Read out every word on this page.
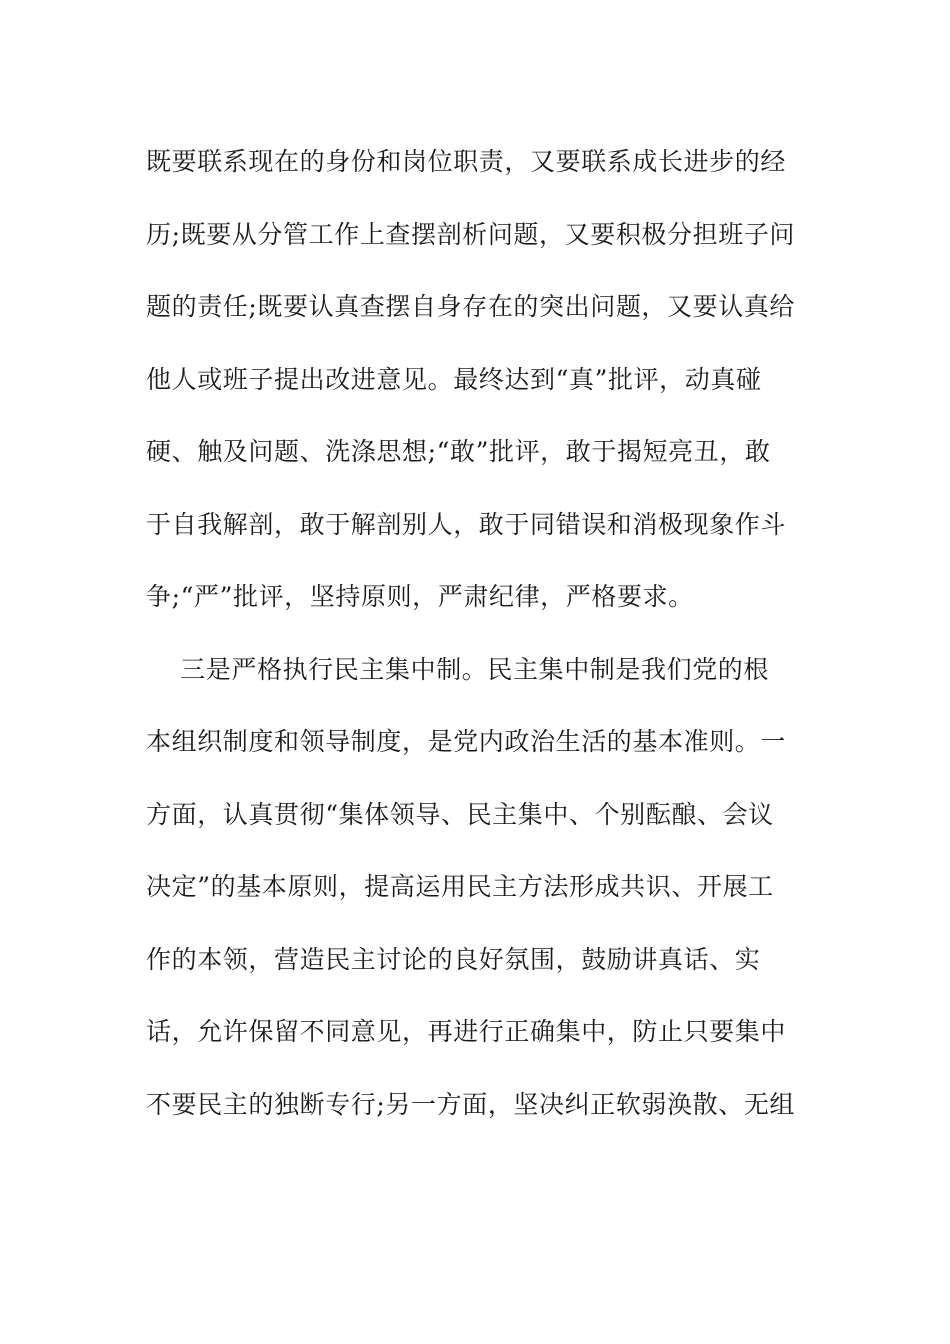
既要联系现在的身份和岗位职责，又要联系成长进步的经
历;既要从分管工作上查摆剖析问题，又要积极分担班子问
题的责任;既要认真查摆自身存在的突出问题，又要认真给
他人或班子提出改进意见。最终达到“真”批评，动真碰
硬、触及问题、洗涤思想;“敢”批评，敢于揭短亮丑，敢
于自我解剖，敢于解剖别人，敢于同错误和消极现象作斗
争;“严”批评，坚持原则，严肃纪律，严格要求。
三是严格执行民主集中制。民主集中制是我们党的根
本组织制度和领导制度，是党内政治生活的基本准则。一
方面，认真贯彻“集体领导、民主集中、个别酝酿、会议
决定”的基本原则，提高运用民主方法形成共识、开展工
作的本领，营造民主讨论的良好氛围，鼓励讲真话、实
话，允许保留不同意见，再进行正确集中，防止只要集中
不要民主的独断专行;另一方面，坚决纠正软弱涣散、无组
